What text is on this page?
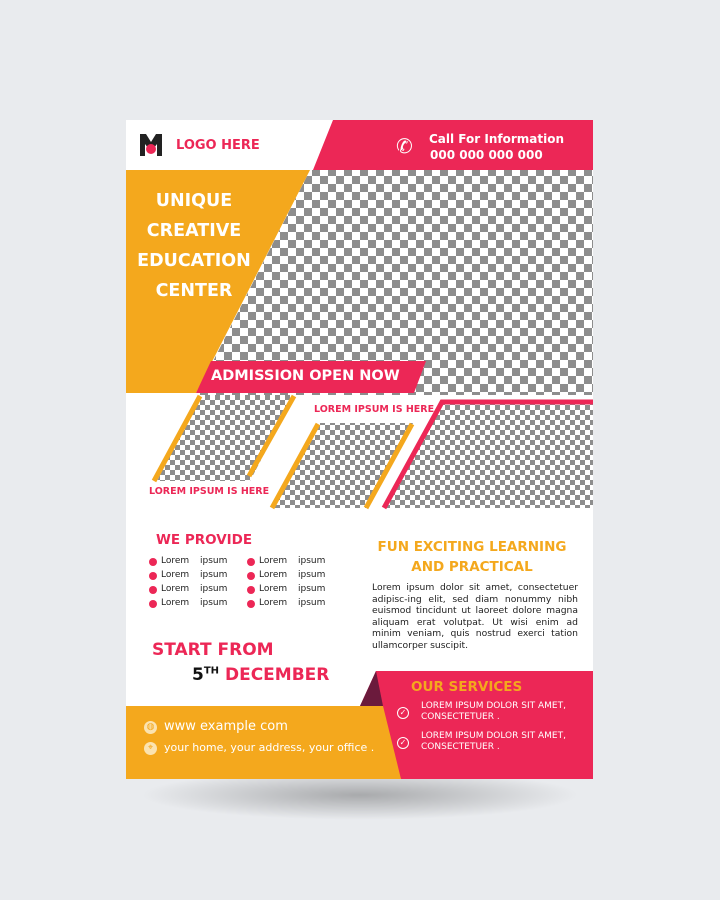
LOGO HERE	✆ Call For Information
000 000 000 000
UNIQUE
CREATIVE
EDUCATION
CENTER
ADMISSION OPEN NOW
LOREM IPSUM IS HERE
LOREM IPSUM IS HERE
WE PROVIDE
Lorem ipsum
Lorem ipsum
Lorem ipsum
Lorem ipsum
Lorem ipsum
Lorem ipsum
Lorem ipsum
Lorem ipsum
FUN EXCITING LEARNING
AND PRACTICAL
Lorem ipsum dolor sit amet, consectetuer adipisc-ing elit, sed diam nonummy nibh euismod tincidunt ut laoreet dolore magna aliquam erat volutpat. Ut wisi enim ad minim veniam, quis nostrud exerci tation ullamcorper suscipit.
START FROM
5TH DECEMBER
OUR SERVICES
✓
LOREM IPSUM DOLOR SIT AMET,
CONSECTETUER .
✓
LOREM IPSUM DOLOR SIT AMET,
CONSECTETUER .
◍ www example com
⌖ your home, your address, your office .
